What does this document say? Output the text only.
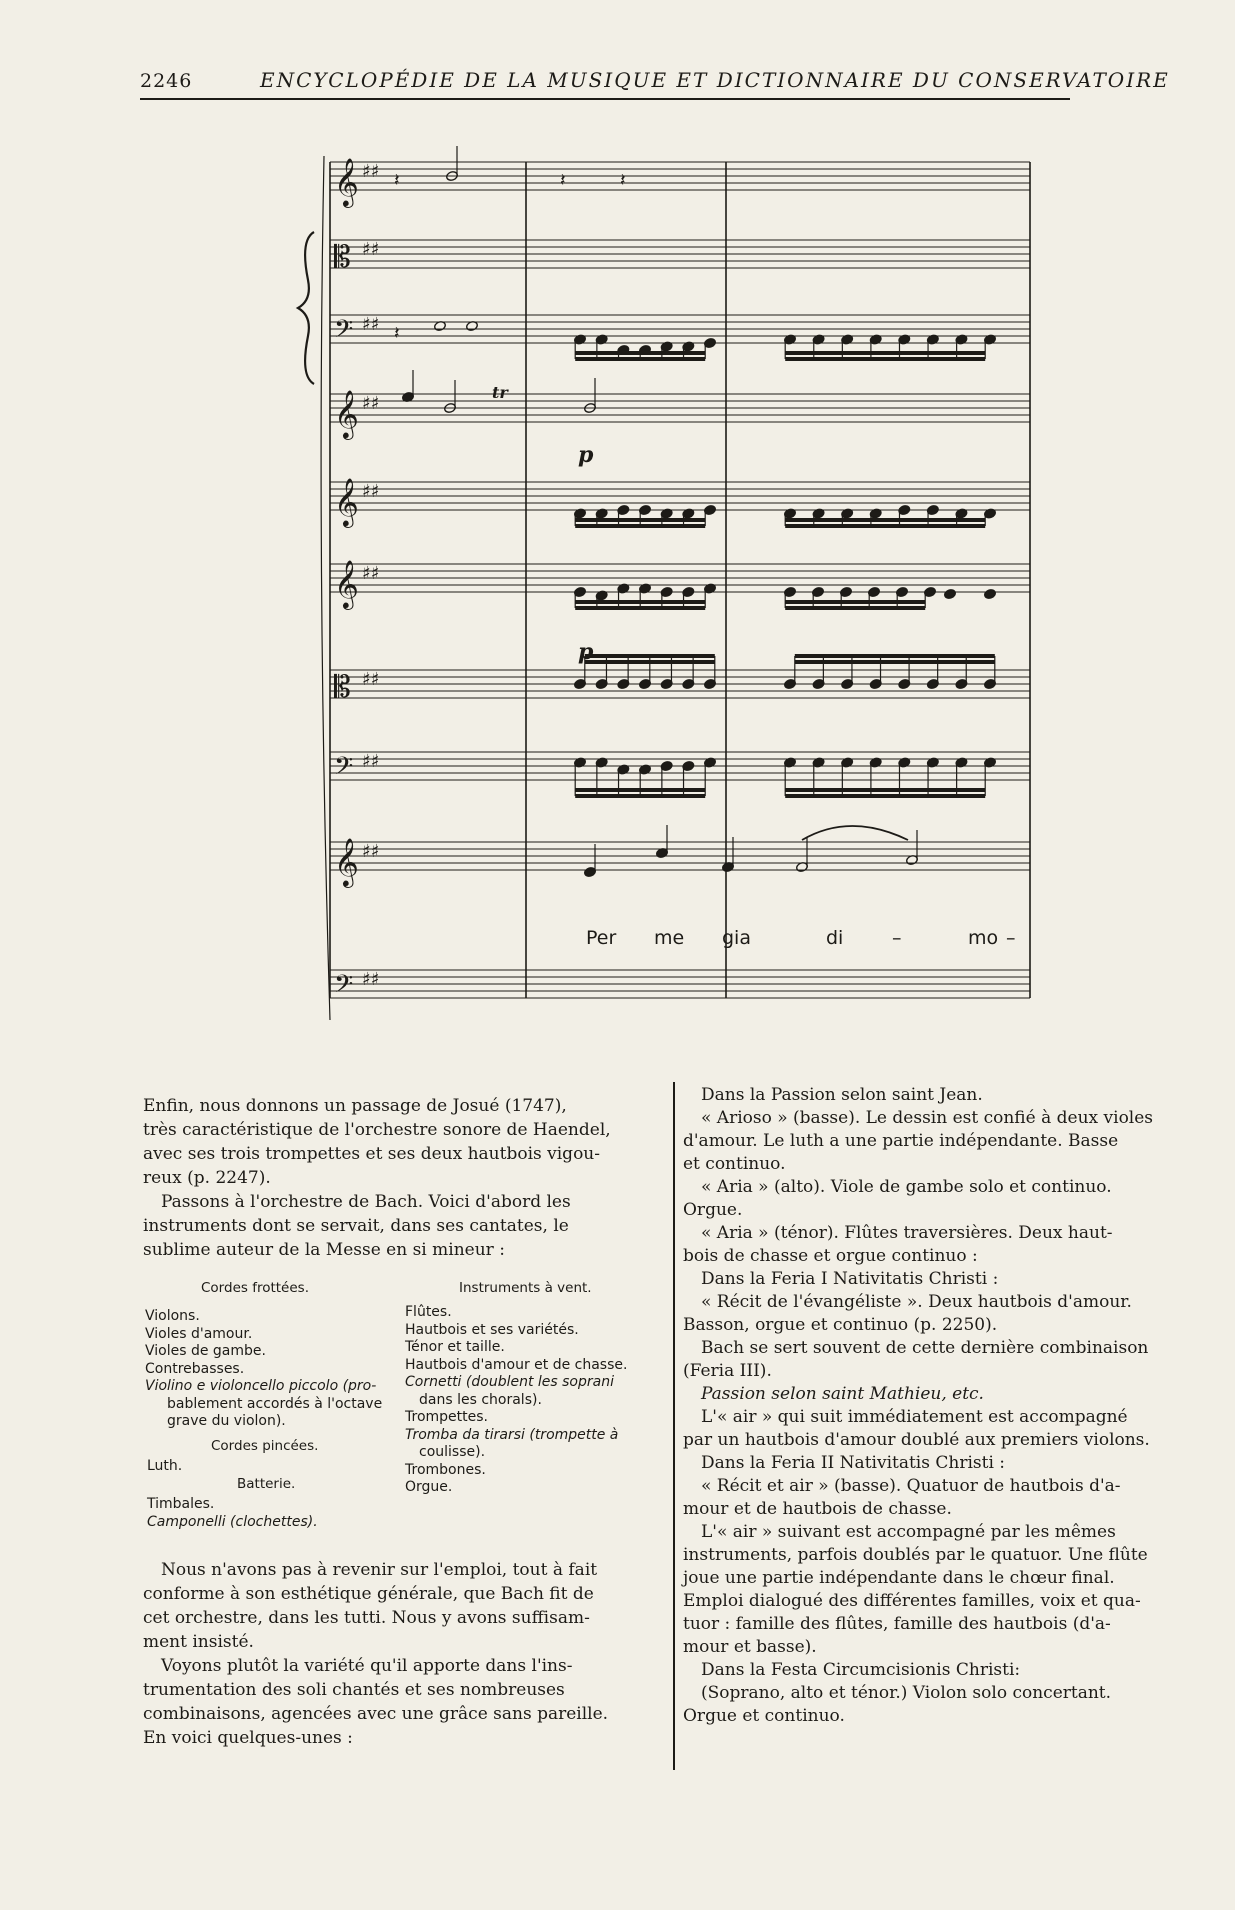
2246	ENCYCLOPÉDIE DE LA MUSIQUE ET DICTIONNAIRE DU CONSERVATOIRE
𝄞 ♯♯
𝄡 ♯♯
𝄢 ♯♯
𝄞 ♯♯
𝄞 ♯♯
𝄞 ♯♯
𝄡 ♯♯
𝄢 ♯♯
𝄞 ♯♯
𝄢 ♯♯
𝄽	𝄽	𝄽
𝄽
p
p
tr
Per me gia	di	–	mo –

Enfin, nous donnons un passage de Josué (1747),
très caractéristique de l'orchestre sonore de Haendel,
avec ses trois trompettes et ses deux hautbois vigou-
reux (p. 2247).

Passons à l'orchestre de Bach. Voici d'abord les
instruments dont se servait, dans ses cantates, le
sublime auteur de la Messe en si mineur :

Cordes frottées.
Violons.
Violes d'amour.
Violes de gambe.
Contrebasses.
Violino e violoncello piccolo (pro-
bablement accordés à l'octave
grave du violon).
Cordes pincées.
Luth.
Batterie.
Timbales.
Camponelli (clochettes).
Instruments à vent.
Flûtes.
Hautbois et ses variétés.
Ténor et taille.
Hautbois d'amour et de chasse.
Cornetti (doublent les soprani
dans les chorals).
Trompettes.
Tromba da tirarsi (trompette à
coulisse).
Trombones.
Orgue.

Nous n'avons pas à revenir sur l'emploi, tout à fait
conforme à son esthétique générale, que Bach fit de
cet orchestre, dans les tutti. Nous y avons suffisam-
ment insisté.

Voyons plutôt la variété qu'il apporte dans l'ins-
trumentation des soli chantés et ses nombreuses
combinaisons, agencées avec une grâce sans pareille.
En voici quelques-unes :

Dans la Passion selon saint Jean.
« Arioso » (basse). Le dessin est confié à deux violes
d'amour. Le luth a une partie indépendante. Basse
et continuo.
« Aria » (alto). Viole de gambe solo et continuo.
Orgue.
« Aria » (ténor). Flûtes traversières. Deux haut-
bois de chasse et orgue continuo :
Dans la Feria I Nativitatis Christi :
« Récit de l'évangéliste ». Deux hautbois d'amour.
Basson, orgue et continuo (p. 2250).
Bach se sert souvent de cette dernière combinaison
(Feria III).
Passion selon saint Mathieu, etc.
L'« air » qui suit immédiatement est accompagné
par un hautbois d'amour doublé aux premiers violons.
Dans la Feria II Nativitatis Christi :
« Récit et air » (basse). Quatuor de hautbois d'a-
mour et de hautbois de chasse.
L'« air » suivant est accompagné par les mêmes
instruments, parfois doublés par le quatuor. Une flûte
joue une partie indépendante dans le chœur final.
Emploi dialogué des différentes familles, voix et qua-
tuor : famille des flûtes, famille des hautbois (d'a-
mour et basse).
Dans la Festa Circumcisionis Christi:
(Soprano, alto et ténor.) Violon solo concertant.
Orgue et continuo.
